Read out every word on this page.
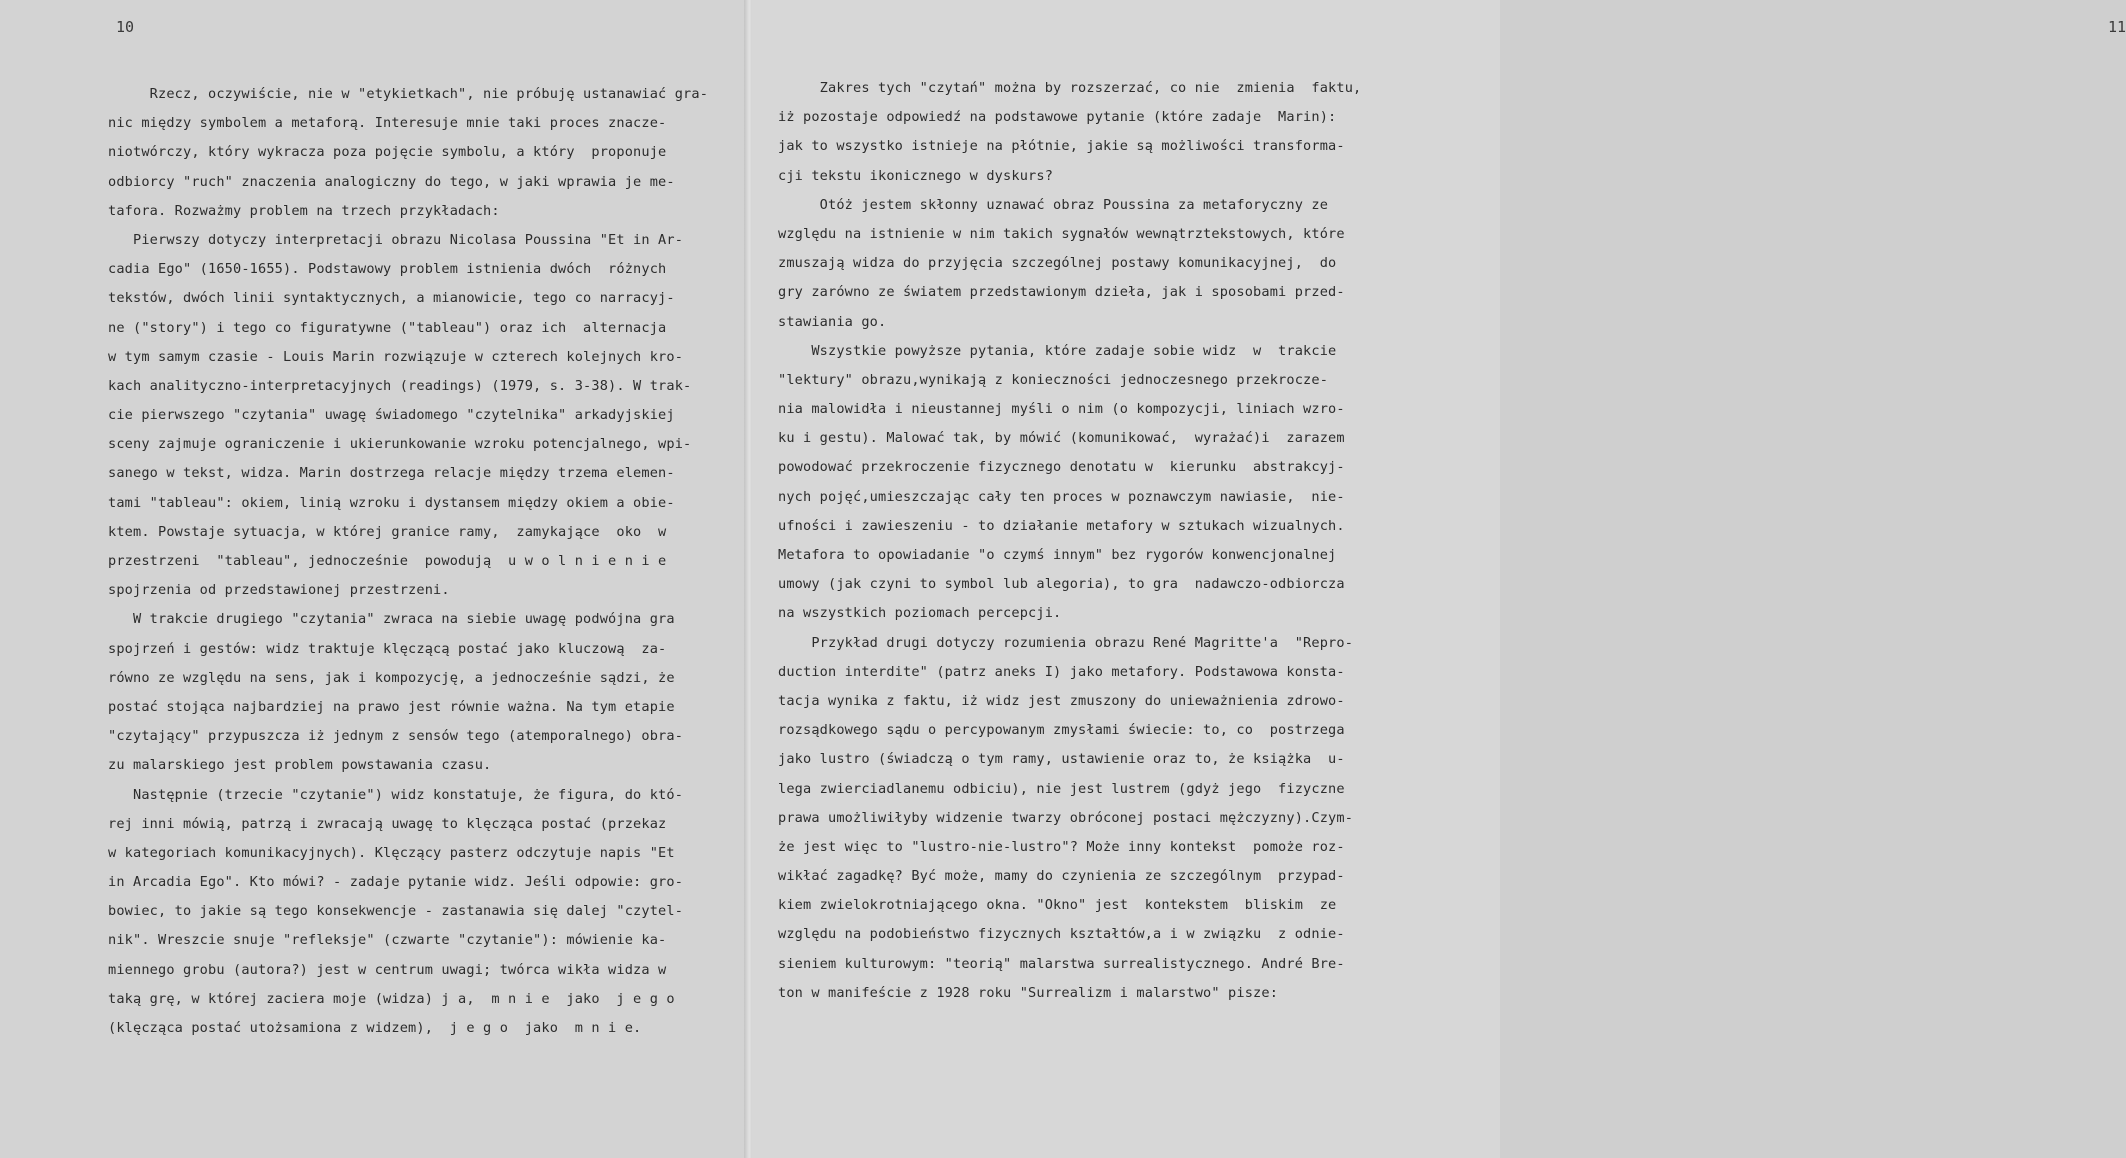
10
Rzecz, oczywiście, nie w "etykietkach", nie próbuję ustanawiać gra-
nic między symbolem a metaforą. Interesuje mnie taki proces znacze-
niotwórczy, który wykracza poza pojęcie symbolu, a który  proponuje
odbiorcy "ruch" znaczenia analogiczny do tego, w jaki wprawia je me-
tafora. Rozważmy problem na trzech przykładach:
Pierwszy dotyczy interpretacji obrazu Nicolasa Poussina "Et in Ar-
cadia Ego" (1650-1655). Podstawowy problem istnienia dwóch  różnych
tekstów, dwóch linii syntaktycznych, a mianowicie, tego co narracyj-
ne ("story") i tego co figuratywne ("tableau") oraz ich  alternacja
w tym samym czasie - Louis Marin rozwiązuje w czterech kolejnych kro-
kach analityczno-interpretacyjnych (readings) (1979, s. 3-38). W trak-
cie pierwszego "czytania" uwagę świadomego "czytelnika" arkadyjskiej
sceny zajmuje ograniczenie i ukierunkowanie wzroku potencjalnego, wpi-
sanego w tekst, widza. Marin dostrzega relacje między trzema elemen-
tami "tableau": okiem, linią wzroku i dystansem między okiem a obie-
ktem. Powstaje sytuacja, w której granice ramy,  zamykające  oko  w
przestrzeni  "tableau", jednocześnie  powodują  u w o l n i e n i e
spojrzenia od przedstawionej przestrzeni.
W trakcie drugiego "czytania" zwraca na siebie uwagę podwójna gra
spojrzeń i gestów: widz traktuje klęczącą postać jako kluczową  za-
równo ze względu na sens, jak i kompozycję, a jednocześnie sądzi, że
postać stojąca najbardziej na prawo jest równie ważna. Na tym etapie
"czytający" przypuszcza iż jednym z sensów tego (atemporalnego) obra-
zu malarskiego jest problem powstawania czasu.
Następnie (trzecie "czytanie") widz konstatuje, że figura, do któ-
rej inni mówią, patrzą i zwracają uwagę to klęcząca postać (przekaz
w kategoriach komunikacyjnych). Klęczący pasterz odczytuje napis "Et
in Arcadia Ego". Kto mówi? - zadaje pytanie widz. Jeśli odpowie: gro-
bowiec, to jakie są tego konsekwencje - zastanawia się dalej "czytel-
nik". Wreszcie snuje "refleksje" (czwarte "czytanie"): mówienie ka-
miennego grobu (autora?) jest w centrum uwagi; twórca wikła widza w
taką grę, w której zaciera moje (widza) j a,  m n i e  jako  j e g o
(klęcząca postać utożsamiona z widzem),  j e g o  jako  m n i e.
11
Zakres tych "czytań" można by rozszerzać, co nie  zmienia  faktu,
iż pozostaje odpowiedź na podstawowe pytanie (które zadaje  Marin):
jak to wszystko istnieje na płótnie, jakie są możliwości transforma-
cji tekstu ikonicznego w dyskurs?
Otóż jestem skłonny uznawać obraz Poussina za metaforyczny ze
względu na istnienie w nim takich sygnałów wewnątrztekstowych, które
zmuszają widza do przyjęcia szczególnej postawy komunikacyjnej,  do
gry zarówno ze światem przedstawionym dzieła, jak i sposobami przed-
stawiania go.
Wszystkie powyższe pytania, które zadaje sobie widz  w  trakcie
"lektury" obrazu,wynikają z konieczności jednoczesnego przekrocze-
nia malowidła i nieustannej myśli o nim (o kompozycji, liniach wzro-
ku i gestu). Malować tak, by mówić (komunikować,  wyrażać)i  zarazem
powodować przekroczenie fizycznego denotatu w  kierunku  abstrakcyj-
nych pojęć,umieszczając cały ten proces w poznawczym nawiasie,  nie-
ufności i zawieszeniu - to działanie metafory w sztukach wizualnych.
Metafora to opowiadanie "o czymś innym" bez rygorów konwencjonalnej
umowy (jak czyni to symbol lub alegoria), to gra  nadawczo-odbiorcza
na wszystkich poziomach percepcji.
Przykład drugi dotyczy rozumienia obrazu René Magritte'a  "Repro-
duction interdite" (patrz aneks I) jako metafory. Podstawowa konsta-
tacja wynika z faktu, iż widz jest zmuszony do unieważnienia zdrowo-
rozsądkowego sądu o percypowanym zmysłami świecie: to, co  postrzega
jako lustro (świadczą o tym ramy, ustawienie oraz to, że książka  u-
lega zwierciadlanemu odbiciu), nie jest lustrem (gdyż jego  fizyczne
prawa umożliwiłyby widzenie twarzy obróconej postaci mężczyzny).Czym-
że jest więc to "lustro-nie-lustro"? Może inny kontekst  pomoże roz-
wikłać zagadkę? Być może, mamy do czynienia ze szczególnym  przypad-
kiem zwielokrotniającego okna. "Okno" jest  kontekstem  bliskim  ze
względu na podobieństwo fizycznych kształtów,a i w związku  z odnie-
sieniem kulturowym: "teorią" malarstwa surrealistycznego. André Bre-
ton w manifeście z 1928 roku "Surrealizm i malarstwo" pisze:
